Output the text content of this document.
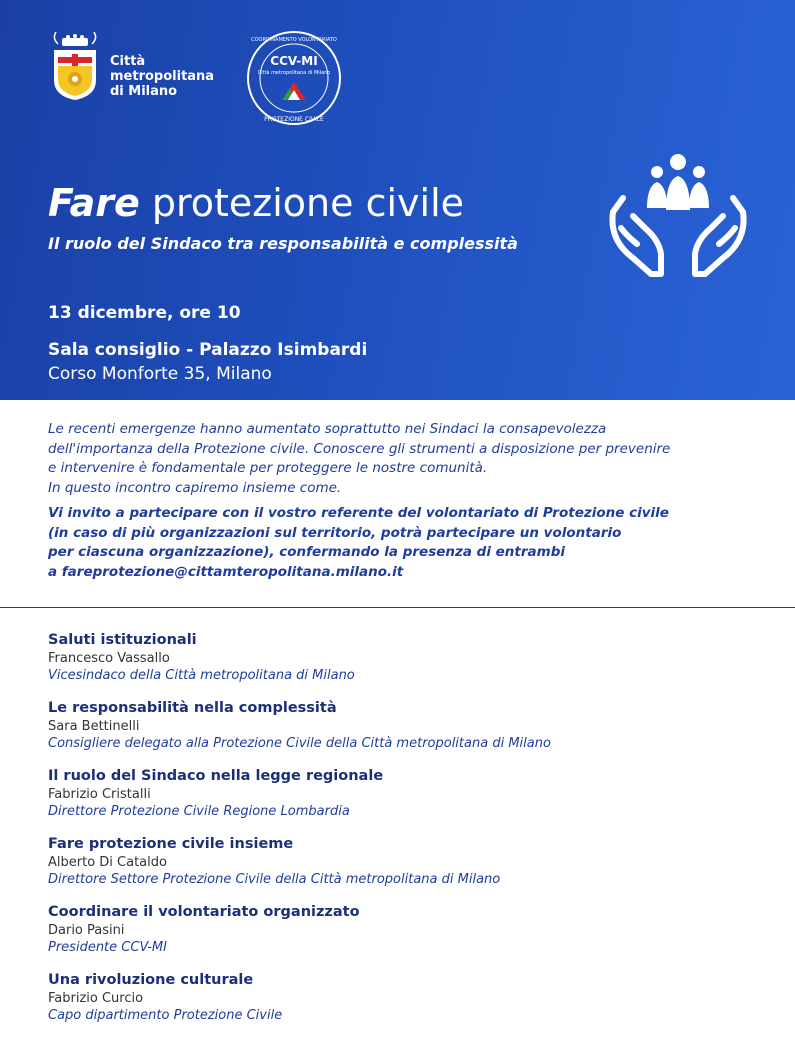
Città
metropolitana
di Milano
PROTEZIONE CIVILE
COORDINAMENTO VOLONTARIATO
CCV-MI
Città metropolitana di Milano
Fare protezione civile
Il ruolo del Sindaco tra responsabilità e complessità
13 dicembre, ore 10
Sala consiglio - Palazzo Isimbardi
Corso Monforte 35, Milano

Le recenti emergenze hanno aumentato soprattutto nei Sindaci la consapevolezza

dell'importanza della Protezione civile. Conoscere gli strumenti a disposizione per prevenire

e intervenire è fondamentale per proteggere le nostre comunità.

In questo incontro capiremo insieme come.

Vi invito a partecipare con il vostro referente del volontariato di Protezione civile

(in caso di più organizzazioni sul territorio, potrà partecipare un volontario

per ciascuna organizzazione), confermando la presenza di entrambi

a fareprotezione@cittamteropolitana.milano.it

Saluti istituzionali
Francesco Vassallo
Vicesindaco della Città metropolitana di Milano
Le responsabilità nella complessità
Sara Bettinelli
Consigliere delegato alla Protezione Civile della Città metropolitana di Milano
Il ruolo del Sindaco nella legge regionale
Fabrizio Cristalli
Direttore Protezione Civile Regione Lombardia
Fare protezione civile insieme
Alberto Di Cataldo
Direttore Settore Protezione Civile della Città metropolitana di Milano
Coordinare il volontariato organizzato
Dario Pasini
Presidente CCV-MI
Una rivoluzione culturale
Fabrizio Curcio
Capo dipartimento Protezione Civile
